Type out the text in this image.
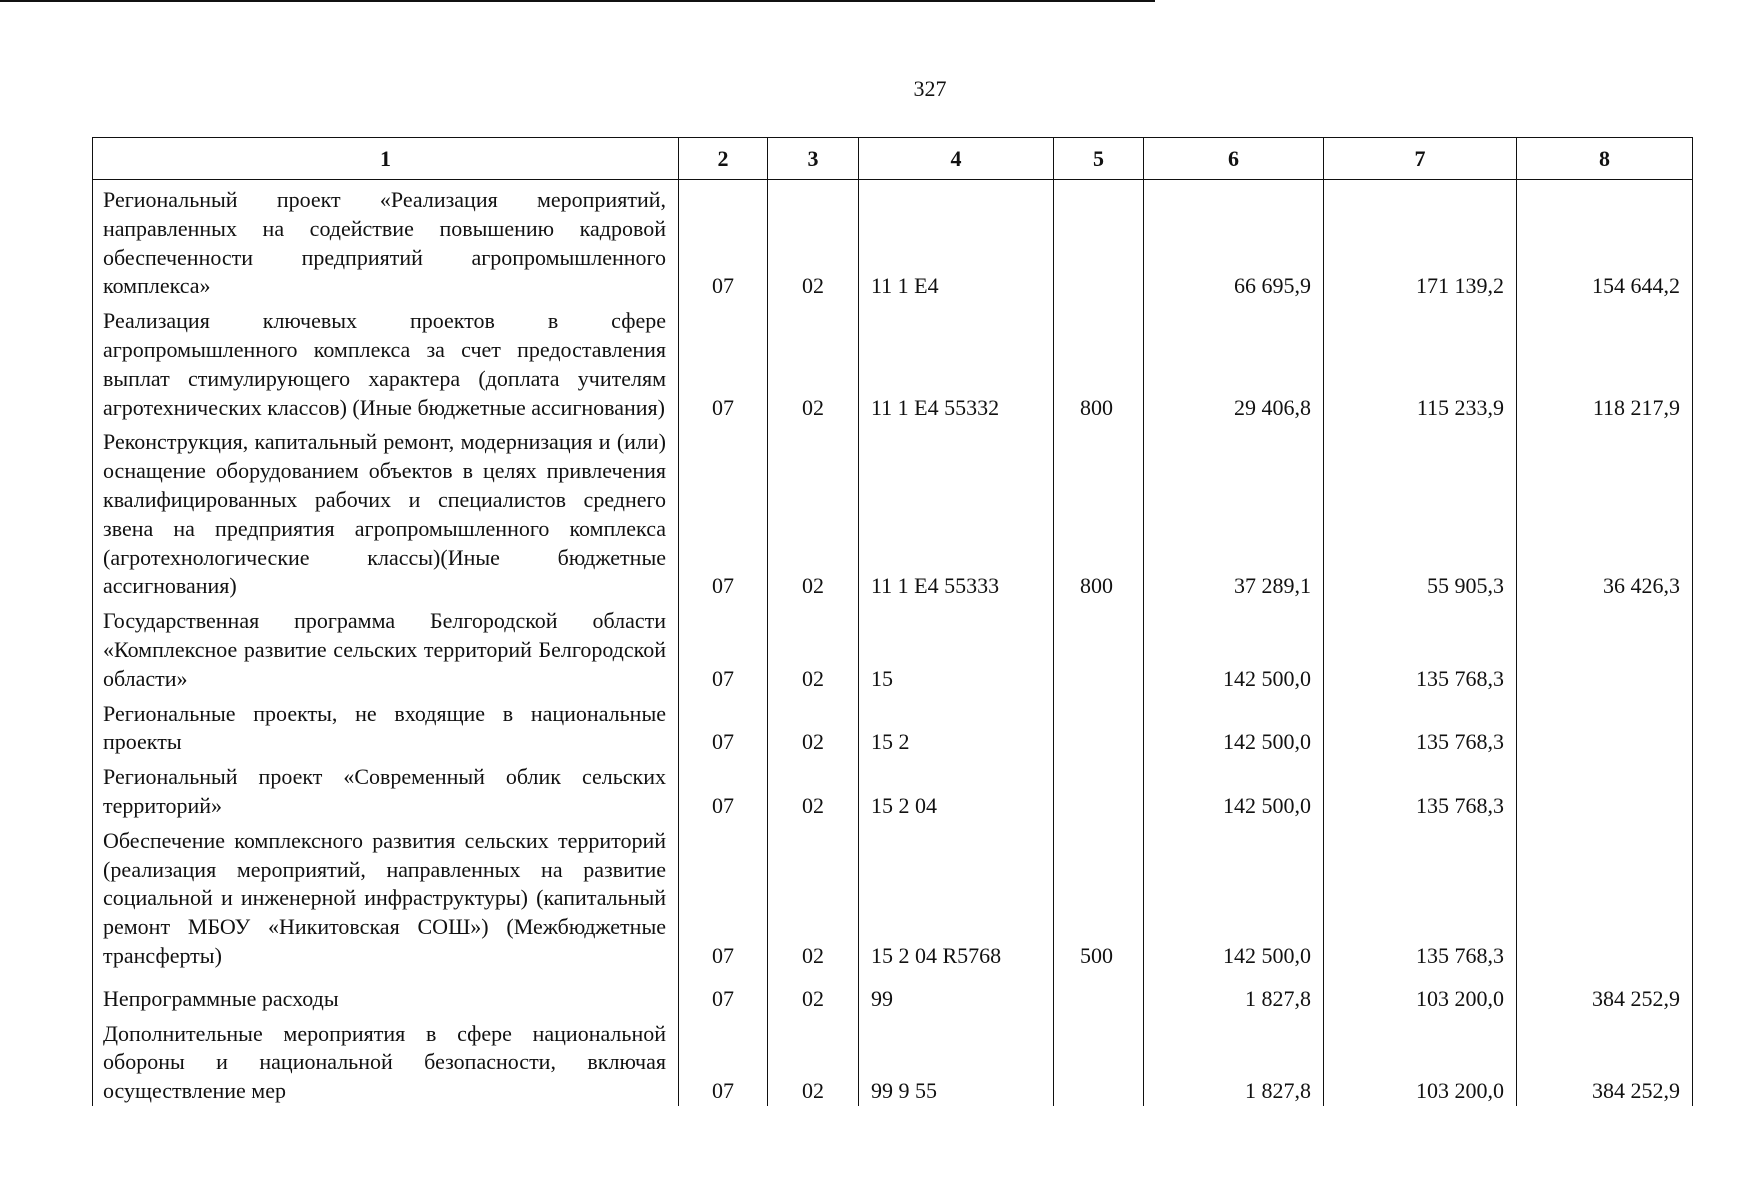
327
1	2	3	4	5	6	7	8
Региональный проект «Реализация мероприятий, направленных на содействие повышению кадровой обеспеченности предприятий агропромышленного комплекса»	07	02	11 1 E4		66 695,9	171 139,2	154 644,2
Реализация ключевых проектов в сфере агропромышленного комплекса за счет предоставления выплат стимулирующего характера (доплата учителям агротехнических классов) (Иные бюджетные ассигнования)	07	02	11 1 E4 55332	800	29 406,8	115 233,9	118 217,9
Реконструкция, капитальный ремонт, модернизация и (или) оснащение оборудованием объектов в целях привлечения квалифицированных рабочих и специалистов среднего звена на предприятия агропромышленного комплекса (агротехнологические классы)(Иные бюджетные ассигнования)	07	02	11 1 E4 55333	800	37 289,1	55 905,3	36 426,3
Государственная программа Белгородской области «Комплексное развитие сельских территорий Белгородской области»	07	02	15		142 500,0	135 768,3	
Региональные проекты, не входящие в национальные проекты	07	02	15 2		142 500,0	135 768,3	
Региональный проект «Современный облик сельских территорий»	07	02	15 2 04		142 500,0	135 768,3	
Обеспечение комплексного развития сельских территорий (реализация мероприятий, направленных на развитие социальной и инженерной инфраструктуры) (капитальный ремонт МБОУ «Никитовская СОШ») (Межбюджетные трансферты)	07	02	15 2 04 R5768	500	142 500,0	135 768,3	
Непрограммные расходы	07	02	99		1 827,8	103 200,0	384 252,9
Дополнительные мероприятия в сфере национальной обороны и национальной безопасности, включая осуществление мер	07	02	99 9 55		1 827,8	103 200,0	384 252,9
